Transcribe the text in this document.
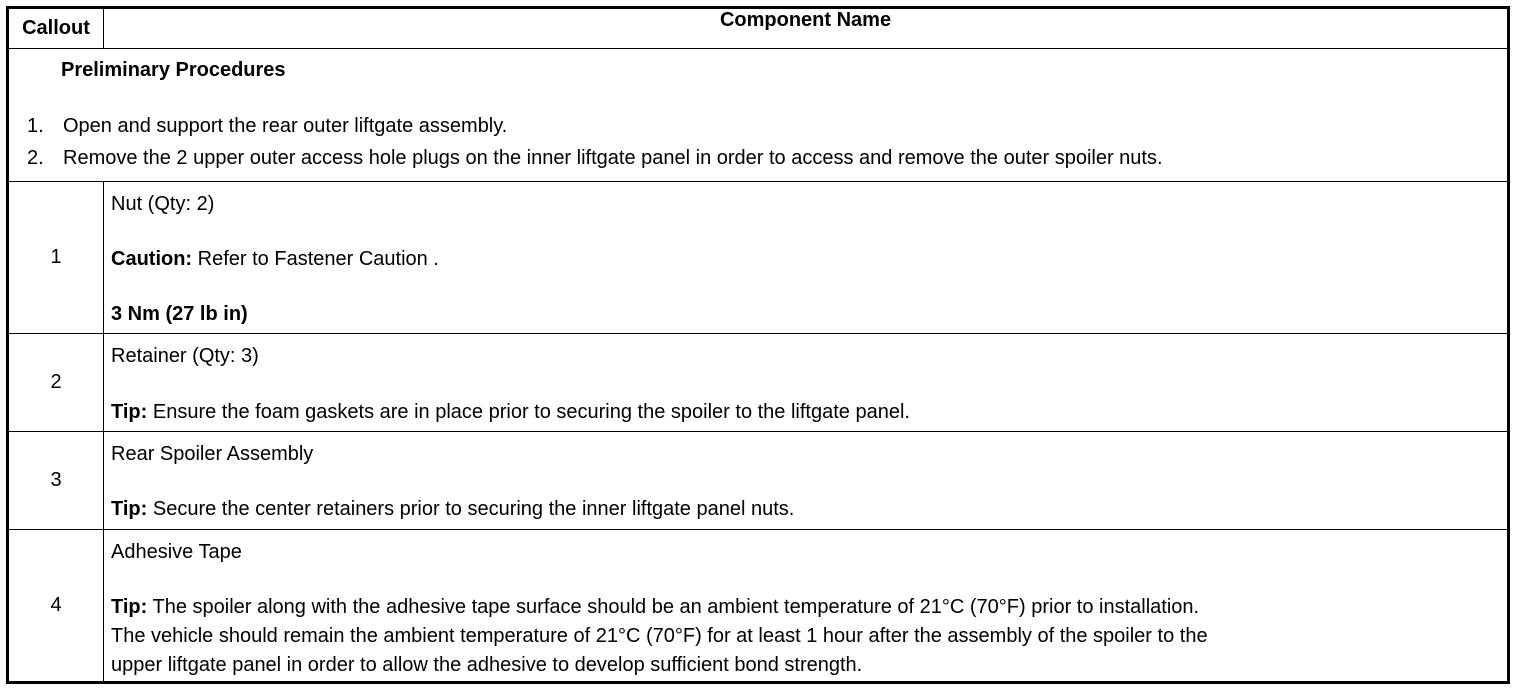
Callout	Component Name
Preliminary Procedures
1. Open and support the rear outer liftgate assembly.
2. Remove the 2 upper outer access hole plugs on the inner liftgate panel in order to access and remove the outer spoiler nuts.
1
Nut (Qty: 2)
Caution: Refer to Fastener Caution .
3 Nm (27 lb in)
2
Retainer (Qty: 3)
Tip: Ensure the foam gaskets are in place prior to securing the spoiler to the liftgate panel.
3
Rear Spoiler Assembly
Tip: Secure the center retainers prior to securing the inner liftgate panel nuts.
4
Adhesive Tape
Tip: The spoiler along with the adhesive tape surface should be an ambient temperature of 21°C (70°F) prior to installation.
The vehicle should remain the ambient temperature of 21°C (70°F) for at least 1 hour after the assembly of the spoiler to the
upper liftgate panel in order to allow the adhesive to develop sufficient bond strength.
